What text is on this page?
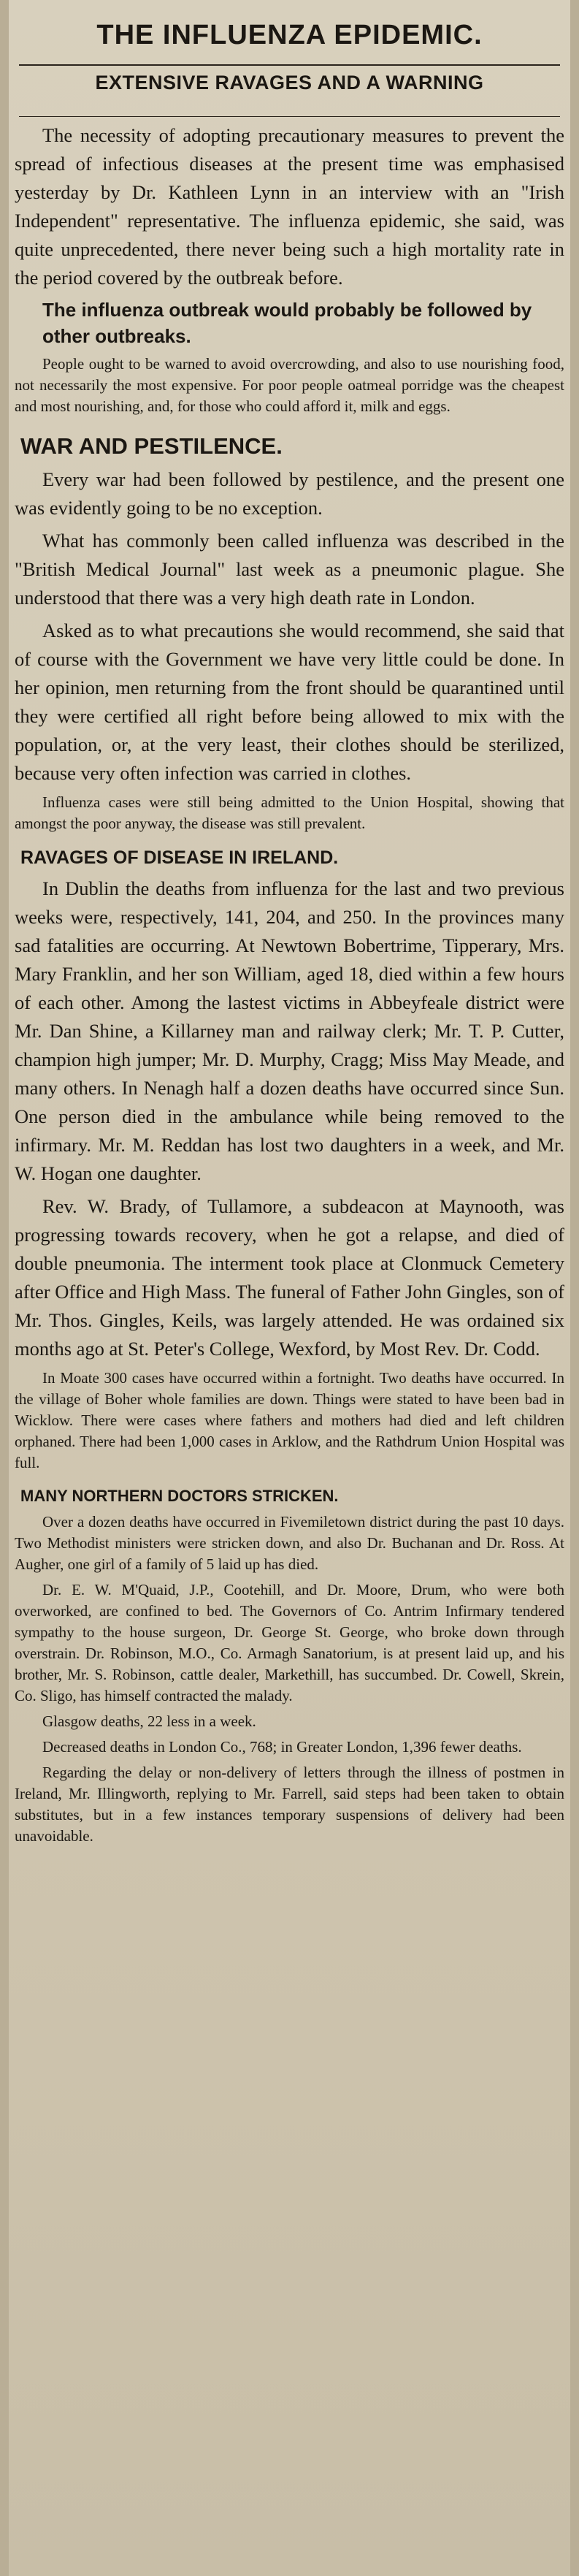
THE INFLUENZA EPIDEMIC.
EXTENSIVE RAVAGES AND A WARNING

The necessity of adopting precautionary measures to prevent the spread of infectious diseases at the present time was emphasised yesterday by Dr. Kathleen Lynn in an interview with an "Irish Independent" representative. The influenza epidemic, she said, was quite unprecedented, there never being such a high mortality rate in the period covered by the outbreak before.

The influenza outbreak would probably be followed by other outbreaks.

People ought to be warned to avoid overcrowding, and also to use nourishing food, not necessarily the most expensive. For poor people oatmeal porridge was the cheapest and most nourishing, and, for those who could afford it, milk and eggs.

WAR AND PESTILENCE.

Every war had been followed by pestilence, and the present one was evidently going to be no exception.

What has commonly been called influenza was described in the "British Medical Journal" last week as a pneumonic plague. She understood that there was a very high death rate in London.

Asked as to what precautions she would recommend, she said that of course with the Government we have very little could be done. In her opinion, men returning from the front should be quarantined until they were certified all right before being allowed to mix with the population, or, at the very least, their clothes should be sterilized, because very often infection was carried in clothes.

Influenza cases were still being admitted to the Union Hospital, showing that amongst the poor anyway, the disease was still prevalent.

RAVAGES OF DISEASE IN IRELAND.

In Dublin the deaths from influenza for the last and two previous weeks were, respectively, 141, 204, and 250. In the provinces many sad fatalities are occurring. At Newtown Bobertrime, Tipperary, Mrs. Mary Franklin, and her son William, aged 18, died within a few hours of each other. Among the lastest victims in Abbeyfeale district were Mr. Dan Shine, a Killarney man and railway clerk; Mr. T. P. Cutter, champion high jumper; Mr. D. Murphy, Cragg; Miss May Meade, and many others. In Nenagh half a dozen deaths have occurred since Sun. One person died in the ambulance while being removed to the infirmary. Mr. M. Reddan has lost two daughters in a week, and Mr. W. Hogan one daughter.

Rev. W. Brady, of Tullamore, a subdeacon at Maynooth, was progressing towards recovery, when he got a relapse, and died of double pneumonia. The interment took place at Clonmuck Cemetery after Office and High Mass. The funeral of Father John Gingles, son of Mr. Thos. Gingles, Keils, was largely attended. He was ordained six months ago at St. Peter's College, Wexford, by Most Rev. Dr. Codd.

In Moate 300 cases have occurred within a fortnight. Two deaths have occurred. In the village of Boher whole families are down. Things were stated to have been bad in Wicklow. There were cases where fathers and mothers had died and left children orphaned. There had been 1,000 cases in Arklow, and the Rathdrum Union Hospital was full.

MANY NORTHERN DOCTORS STRICKEN.

Over a dozen deaths have occurred in Fivemiletown district during the past 10 days. Two Methodist ministers were stricken down, and also Dr. Buchanan and Dr. Ross. At Augher, one girl of a family of 5 laid up has died.

Dr. E. W. M'Quaid, J.P., Cootehill, and Dr. Moore, Drum, who were both overworked, are confined to bed. The Governors of Co. Antrim Infirmary tendered sympathy to the house surgeon, Dr. George St. George, who broke down through overstrain. Dr. Robinson, M.O., Co. Armagh Sanatorium, is at present laid up, and his brother, Mr. S. Robinson, cattle dealer, Markethill, has succumbed. Dr. Cowell, Skrein, Co. Sligo, has himself contracted the malady.

Glasgow deaths, 22 less in a week.

Decreased deaths in London Co., 768; in Greater London, 1,396 fewer deaths.

Regarding the delay or non-delivery of letters through the illness of postmen in Ireland, Mr. Illingworth, replying to Mr. Farrell, said steps had been taken to obtain substitutes, but in a few instances temporary suspensions of delivery had been unavoidable.
